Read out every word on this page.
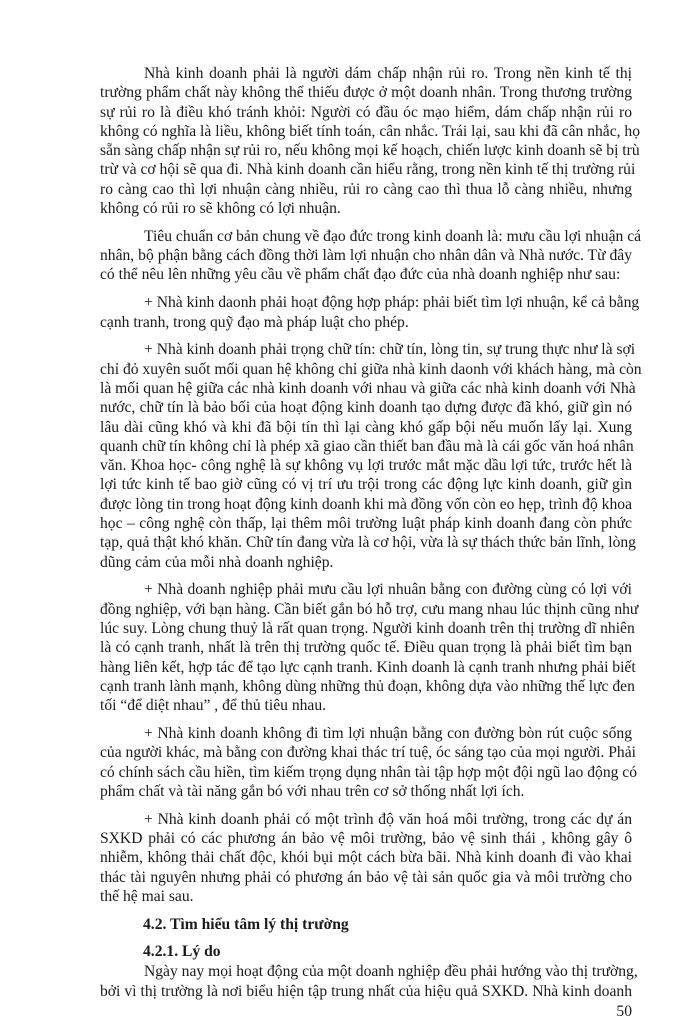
Nhà kinh doanh phải là người dám chấp nhận rủi ro. Trong nền kinh tế thị
trường phẩm chất này không thể thiếu được ở một doanh nhân. Trong thương trường
sự rủi ro là điều khó tránh khỏi: Người có đầu óc mạo hiểm, dám chấp nhận rủi ro
không có nghĩa là liều, không biết tính toán, cân nhắc. Trái lại, sau khi đã cân nhắc, họ
sẵn sàng chấp nhận sự rủi ro, nếu không mọi kế hoạch, chiến lược kinh doanh sẽ bị trù
trừ và cơ hội sẽ qua đi. Nhà kinh doanh cần hiểu rằng, trong nền kinh tế thị trường rủi
ro càng cao thì lợi nhuận càng nhiều, rủi ro càng cao thì thua lỗ càng nhiều, nhưng
không có rủi ro sẽ không có lợi nhuận.
Tiêu chuẩn cơ bản chung về đạo đức trong kinh doanh là: mưu cầu lợi nhuận cá
nhân, bộ phận bằng cách đồng thời làm lợi nhuận cho nhân dân và Nhà nước. Từ đây
có thể nêu lên những yêu cầu về phẩm chất đạo đức của nhà doanh nghiệp như sau:
+ Nhà kinh daonh phải hoạt động hợp pháp: phải biết tìm lợi nhuận, kể cả bằng
cạnh tranh, trong quỹ đạo mà pháp luật cho phép.
+ Nhà kinh doanh phải trọng chữ tín: chữ tín, lòng tin, sự trung thực như là sợi
chỉ đỏ xuyên suốt mối quan hệ không chỉ giữa nhà kinh daonh với khách hàng, mà còn
là mối quan hệ giữa các nhà kinh doanh với nhau và giữa các nhà kinh doanh với Nhà
nước, chữ tín là bảo bối của hoạt động kinh doanh tạo dựng được đã khó, giữ gìn nó
lâu dài cũng khó và khi đã bội tín thì lại càng khó gấp bội nếu muốn lấy lại. Xung
quanh chữ tín không chỉ là phép xã giao cần thiết ban đầu mà là cái gốc văn hoá nhân
văn. Khoa học- công nghệ là sự không vụ lợi trước mắt mặc dầu lợi tức, trước hết là
lợi tức kinh tế bao giờ cũng có vị trí ưu trội trong các động lực kinh doanh, giữ gìn
được lòng tin trong hoạt động kinh doanh khi mà đồng vốn còn eo hẹp, trình độ khoa
học – công nghệ còn thấp, lại thêm môi trường luật pháp kinh doanh đang còn phức
tạp, quả thật khó khăn. Chữ tín đang vừa là cơ hội, vừa là sự thách thức bản lĩnh, lòng
dũng cảm của mỗi nhà doanh nghiệp.
+ Nhà doanh nghiệp phải mưu cầu lợi nhuân bằng con đường cùng có lợi với
đồng nghiệp, với bạn hàng. Cần biết gắn bó hỗ trợ, cưu mang nhau lúc thịnh cũng như
lúc suy. Lòng chung thuỷ là rất quan trọng. Người kinh doanh trên thị trường dĩ nhiên
là có cạnh tranh, nhất là trên thị trường quốc tế. Điều quan trọng là phải biết tìm bạn
hàng liên kết, hợp tác để tạo lực cạnh tranh. Kinh doanh là cạnh tranh nhưng phải biết
cạnh tranh lành mạnh, không dùng những thủ đoạn, không dựa vào những thế lực đen
tối “để diệt nhau” , để thủ tiêu nhau.
+ Nhà kinh doanh không đi tìm lợi nhuận bằng con đường bòn rút cuộc sống
của người khác, mà bằng con đường khai thác trí tuệ, óc sáng tạo của mọi người. Phải
có chính sách cầu hiền, tìm kiếm trọng dụng nhân tài tập hợp một đội ngũ lao động có
phẩm chất và tài năng gắn bó với nhau trên cơ sở thống nhất lợi ích.
+ Nhà kinh doanh phải có một trình độ văn hoá môi trường, trong các dự án
SXKD phải có các phương án bảo vệ môi trường, bảo vệ sinh thái , không gây ô
nhiễm, không thải chất độc, khói bụi một cách bừa bãi. Nhà kinh doanh đi vào khai
thác tài nguyên nhưng phải có phương án bảo vệ tài sản quốc gia và môi trường cho
thế hệ mai sau.
4.2. Tìm hiểu tâm lý thị trường
4.2.1. Lý do
Ngày nay mọi hoạt động của một doanh nghiệp đều phải hướng vào thị trường,
bởi vì thị trường là nơi biểu hiện tập trung nhất của hiệu quả SXKD. Nhà kinh doanh
50
